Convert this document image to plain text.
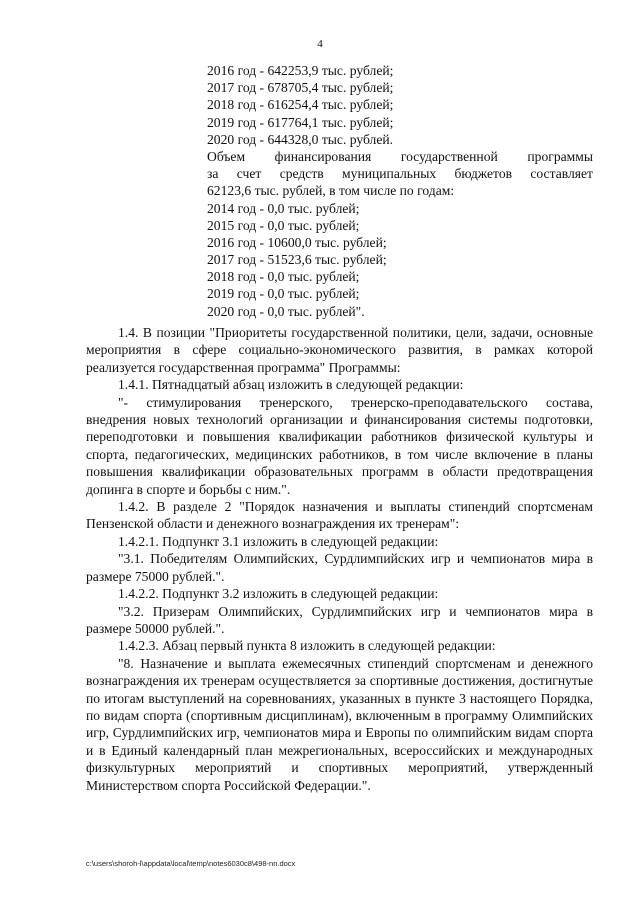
4
2016 год - 642253,9 тыс. рублей;
2017 год - 678705,4 тыс. рублей;
2018 год - 616254,4 тыс. рублей;
2019 год - 617764,1 тыс. рублей;
2020 год - 644328,0 тыс. рублей.
Объем финансирования государственной программы
за счет средств муниципальных бюджетов составляет
62123,6 тыс. рублей, в том числе по годам:
2014 год - 0,0 тыс. рублей;
2015 год - 0,0 тыс. рублей;
2016 год - 10600,0 тыс. рублей;
2017 год - 51523,6 тыс. рублей;
2018 год - 0,0 тыс. рублей;
2019 год - 0,0 тыс. рублей;
2020 год - 0,0 тыс. рублей".

1.4. В позиции "Приоритеты государственной политики, цели, задачи, основные мероприятия в сфере социально-экономического развития, в рамках которой реализуется государственная программа" Программы:

1.4.1. Пятнадцатый абзац изложить в следующей редакции:

"- стимулирования тренерского, тренерско-преподавательского состава, внедрения новых технологий организации и финансирования системы подготовки, переподготовки и повышения квалификации работников физической культуры и спорта, педагогических, медицинских работников, в том числе включение в планы повышения квалификации образовательных программ в области предотвращения допинга в спорте и борьбы с ним.".

1.4.2. В разделе 2 "Порядок назначения и выплаты стипендий спортсменам Пензенской области и денежного вознаграждения их тренерам":

1.4.2.1. Подпункт 3.1 изложить в следующей редакции:

"3.1. Победителям Олимпийских, Сурдлимпийских игр и чемпионатов мира в размере 75000 рублей.".

1.4.2.2. Подпункт 3.2 изложить в следующей редакции:

"3.2. Призерам Олимпийских, Сурдлимпийских игр и чемпионатов мира в размере 50000 рублей.".

1.4.2.3. Абзац первый пункта 8 изложить в следующей редакции:

"8. Назначение и выплата ежемесячных стипендий спортсменам и денежного вознаграждения их тренерам осуществляется за спортивные достижения, достигнутые по итогам выступлений на соревнованиях, указанных в пункте 3 настоящего Порядка, по видам спорта (спортивным дисциплинам), включенным в программу Олимпийских игр, Сурдлимпийских игр, чемпионатов мира и Европы по олимпийским видам спорта и в Единый календарный план межрегиональных, всероссийских и международных физкультурных мероприятий и спортивных мероприятий, утвержденный Министерством спорта Российской Федерации.".

c:\users\shoroh-l\appdata\local\temp\notes6030c8\498-nn.docx
